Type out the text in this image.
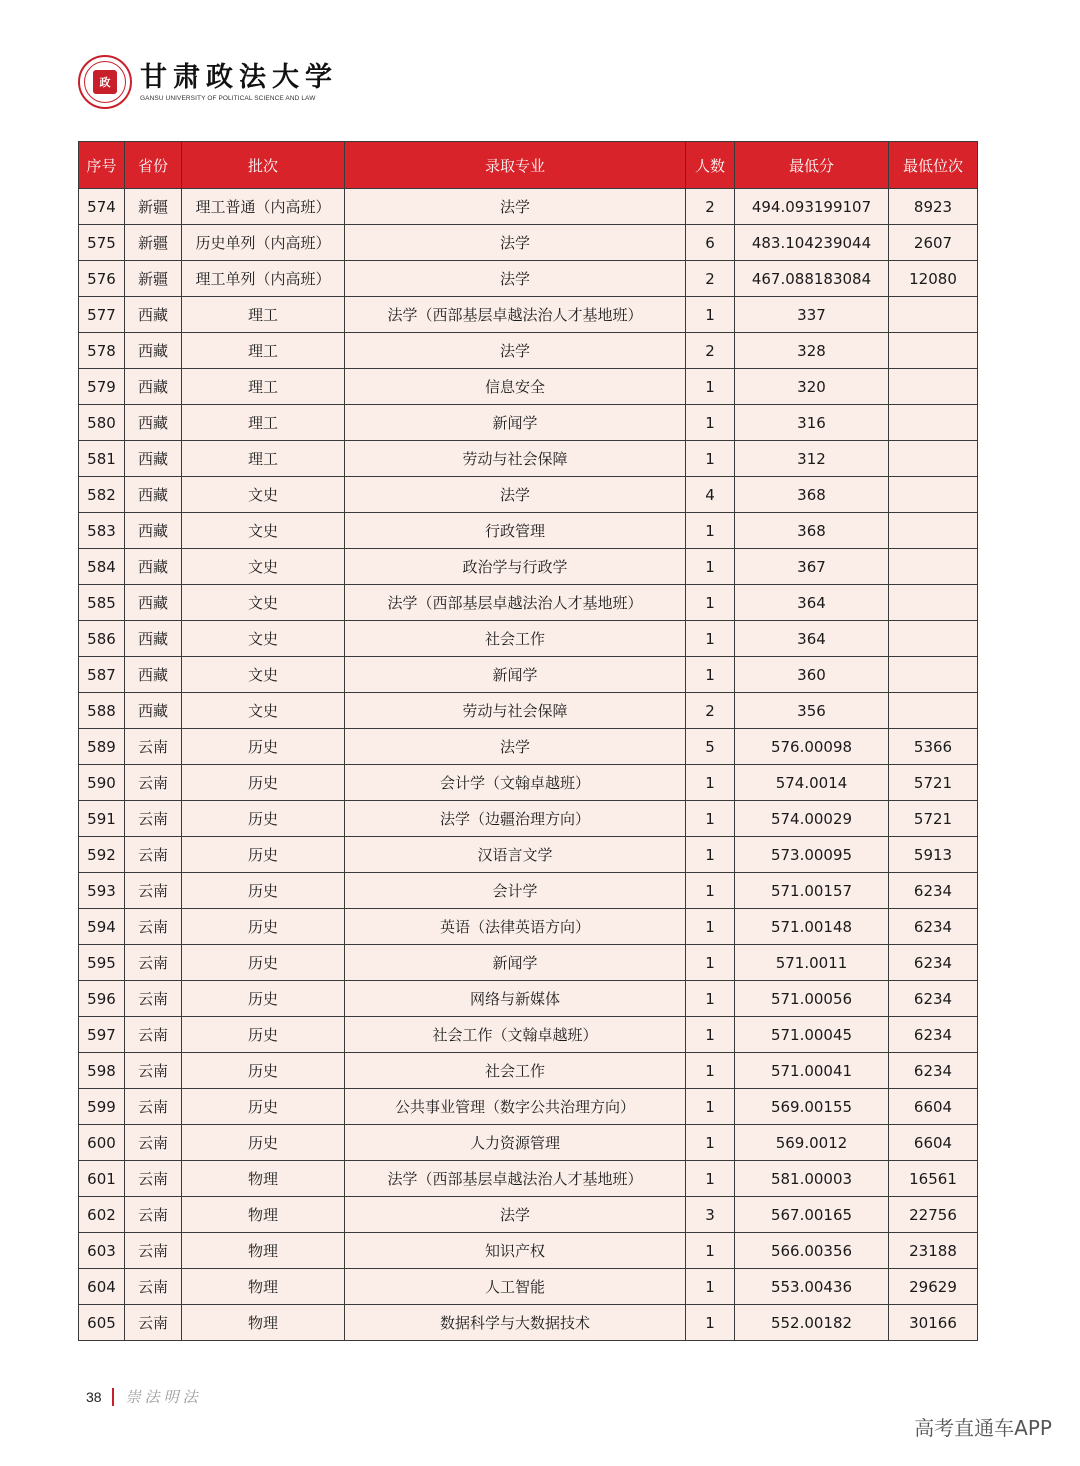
政 甘肃政法大学
GANSU UNIVERSITY OF POLITICAL SCIENCE AND LAW
序号	省份	批次	录取专业	人数	最低分	最低位次
574	新疆	理工普通（内高班）	法学	2	494.093199107	8923
575	新疆	历史单列（内高班）	法学	6	483.104239044	2607
576	新疆	理工单列（内高班）	法学	2	467.088183084	12080
577	西藏	理工	法学（西部基层卓越法治人才基地班）	1	337	
578	西藏	理工	法学	2	328	
579	西藏	理工	信息安全	1	320	
580	西藏	理工	新闻学	1	316	
581	西藏	理工	劳动与社会保障	1	312	
582	西藏	文史	法学	4	368	
583	西藏	文史	行政管理	1	368	
584	西藏	文史	政治学与行政学	1	367	
585	西藏	文史	法学（西部基层卓越法治人才基地班）	1	364	
586	西藏	文史	社会工作	1	364	
587	西藏	文史	新闻学	1	360	
588	西藏	文史	劳动与社会保障	2	356	
589	云南	历史	法学	5	576.00098	5366
590	云南	历史	会计学（文翰卓越班）	1	574.0014	5721
591	云南	历史	法学（边疆治理方向）	1	574.00029	5721
592	云南	历史	汉语言文学	1	573.00095	5913
593	云南	历史	会计学	1	571.00157	6234
594	云南	历史	英语（法律英语方向）	1	571.00148	6234
595	云南	历史	新闻学	1	571.0011	6234
596	云南	历史	网络与新媒体	1	571.00056	6234
597	云南	历史	社会工作（文翰卓越班）	1	571.00045	6234
598	云南	历史	社会工作	1	571.00041	6234
599	云南	历史	公共事业管理（数字公共治理方向）	1	569.00155	6604
600	云南	历史	人力资源管理	1	569.0012	6604
601	云南	物理	法学（西部基层卓越法治人才基地班）	1	581.00003	16561
602	云南	物理	法学	3	567.00165	22756
603	云南	物理	知识产权	1	566.00356	23188
604	云南	物理	人工智能	1	553.00436	29629
605	云南	物理	数据科学与大数据技术	1	552.00182	30166
38 崇法明法
高考直通车APP
